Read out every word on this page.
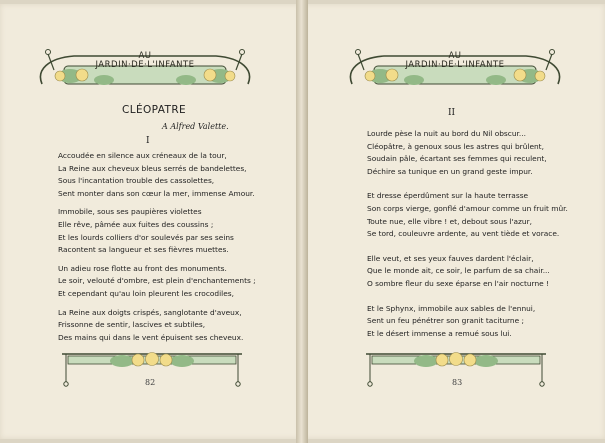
AU
JARDIN·DE·L'INFANTE
AU
JARDIN·DE·L'INFANTE
CLÉOPATRE
A Alfred Valette.
I
Accoudée en silence aux créneaux de la tour,
La Reine aux cheveux bleus serrés de bandelettes,
Sous l'incantation trouble des cassolettes,
Sent monter dans son cœur la mer, immense Amour.
Immobile, sous ses paupières violettes
Elle rêve, pâmée aux fuites des coussins ;
Et les lourds colliers d'or soulevés par ses seins
Racontent sa langueur et ses fièvres muettes.
Un adieu rose flotte au front des monuments.
Le soir, velouté d'ombre, est plein d'enchantements ;
Et cependant qu'au loin pleurent les crocodiles,
La Reine aux doigts crispés, sanglotante d'aveux,
Frissonne de sentir, lascives et subtiles,
Des mains qui dans le vent épuisent ses cheveux.
II
Lourde pèse la nuit au bord du Nil obscur...
Cléopâtre, à genoux sous les astres qui brûlent,
Soudain pâle, écartant ses femmes qui reculent,
Déchire sa tunique en un grand geste impur.
Et dresse éperdûment sur la haute terrasse
Son corps vierge, gonflé d'amour comme un fruit mûr.
Toute nue, elle vibre ! et, debout sous l'azur,
Se tord, couleuvre ardente, au vent tiède et vorace.
Elle veut, et ses yeux fauves dardent l'éclair,
Que le monde ait, ce soir, le parfum de sa chair...
O sombre fleur du sexe éparse en l'air nocturne !
Et le Sphynx, immobile aux sables de l'ennui,
Sent un feu pénétrer son granit taciturne ;
Et le désert immense a remué sous lui.
82	83
